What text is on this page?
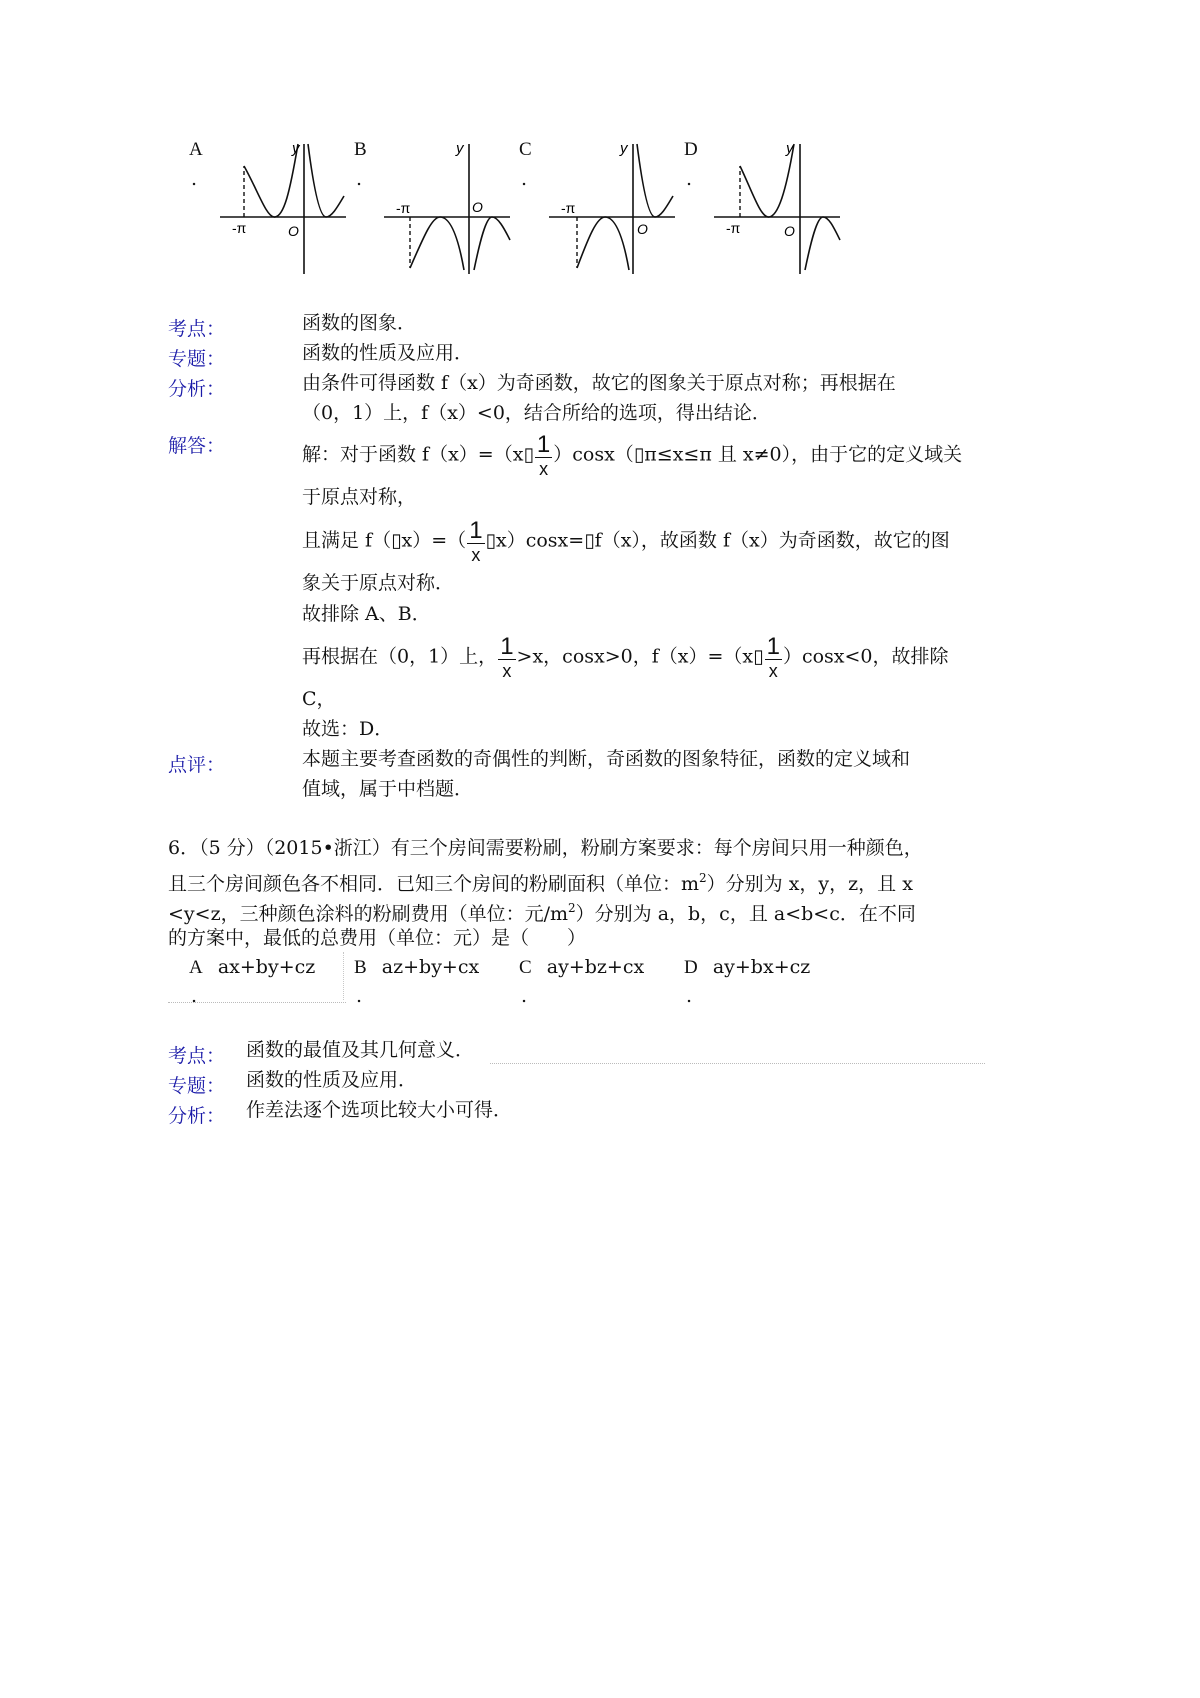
A
.
B
.
C
.
D
.
y
O
-π
y
O
-π
y
O
-π
y
O
-π
考点：	函数的图象．
专题：	函数的性质及应用．
分析：	由条件可得函数 f（x）为奇函数，故它的图象关于原点对称；再根据在
（0，1）上，f（x）<0，结合所给的选项，得出结论．
解答：	解：对于函数 f（x）=（x▯ $\frac{1}{x}$ ）cosx（▯π≤x≤π 且 x≠0），由于它的定义域关
于原点对称，
且满足 f（▯x）=（ $\frac{1}{x}$ ▯x）cosx=▯f（x），故函数 f（x）为奇函数，故它的图
象关于原点对称．
故排除 A、B．
再根据在（0，1）上， $\frac{1}{x} >x$，cosx>0，f（x）=（x▯ $\frac{1}{x} )\cos x<0$，故排除
C，
故选：D．
点评：	本题主要考查函数的奇偶性的判断，奇函数的图象特征，函数的定义域和
值域，属于中档题．
6．（5 分）（2015•浙江）有三个房间需要粉刷，粉刷方案要求：每个房间只用一种颜色，
且三个房间颜色各不相同．已知三个房间的粉刷面积（单位：$m^2$）分别为 x，y，z，且 x
<y<z，三种颜色涂料的粉刷费用（单位：元$/m^2$）分别为 a，b，c，且 a<b<c．在不同
的方案中，最低的总费用（单位：元）是（　　）
A ax+by+cz
.
B az+by+cx
.
C ay+bz+cx
.
D ay+bx+cz
.
考点： 函数的最值及其几何意义．
专题： 函数的性质及应用．
分析： 作差法逐个选项比较大小可得．
